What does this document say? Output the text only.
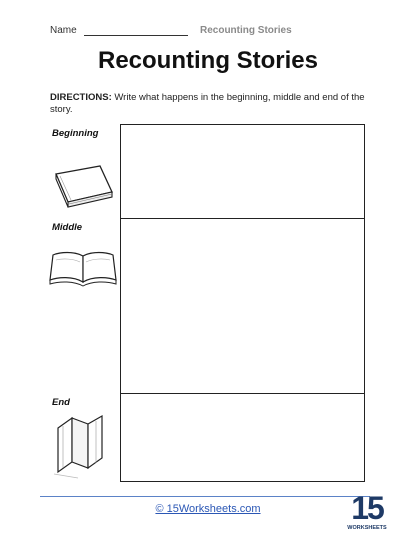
Name	Recounting Stories
Recounting Stories
DIRECTIONS: Write what happens in the beginning, middle and end of the story.
Beginning
Middle
End
© 15Worksheets.com	15
WORKSHEETS
